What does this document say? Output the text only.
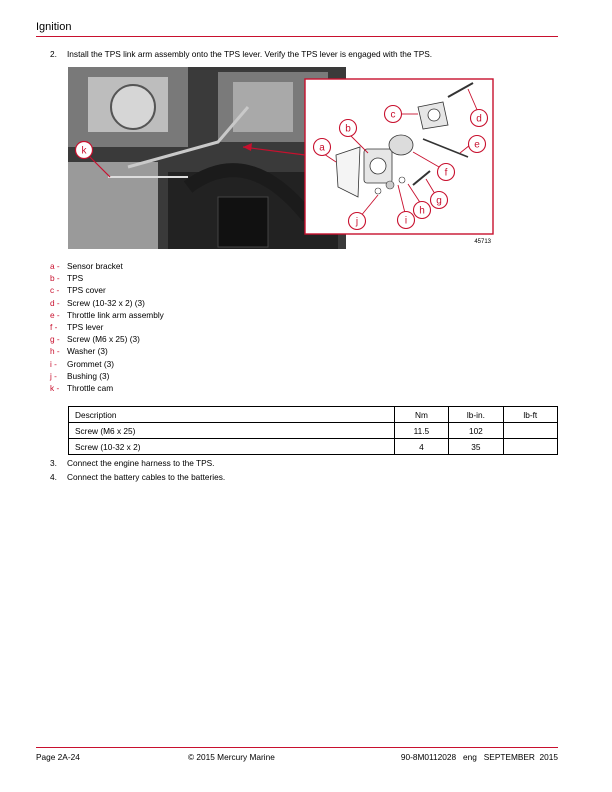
Ignition
2. Install the TPS link arm assembly onto the TPS lever. Verify the TPS lever is engaged with the TPS.
k	a
b
c	d
e
f
g
h
i
j
45713
a - Sensor bracket
b - TPS
c - TPS cover
d - Screw (10-32 x 2) (3)
e - Throttle link arm assembly
f -	TPS lever
g - Screw (M6 x 25) (3)
h - Washer (3)
i -	Grommet (3)
j -	Bushing (3)
k - Throttle cam
Description	Nm	lb-in.	lb-ft
Screw (M6 x 25)	11.5	102	
Screw (10-32 x 2)	4	35	
3. Connect the engine harness to the TPS.
4. Connect the battery cables to the batteries.
Page 2A-24	© 2015 Mercury Marine	90-8M0112028   eng   SEPTEMBER  2015
